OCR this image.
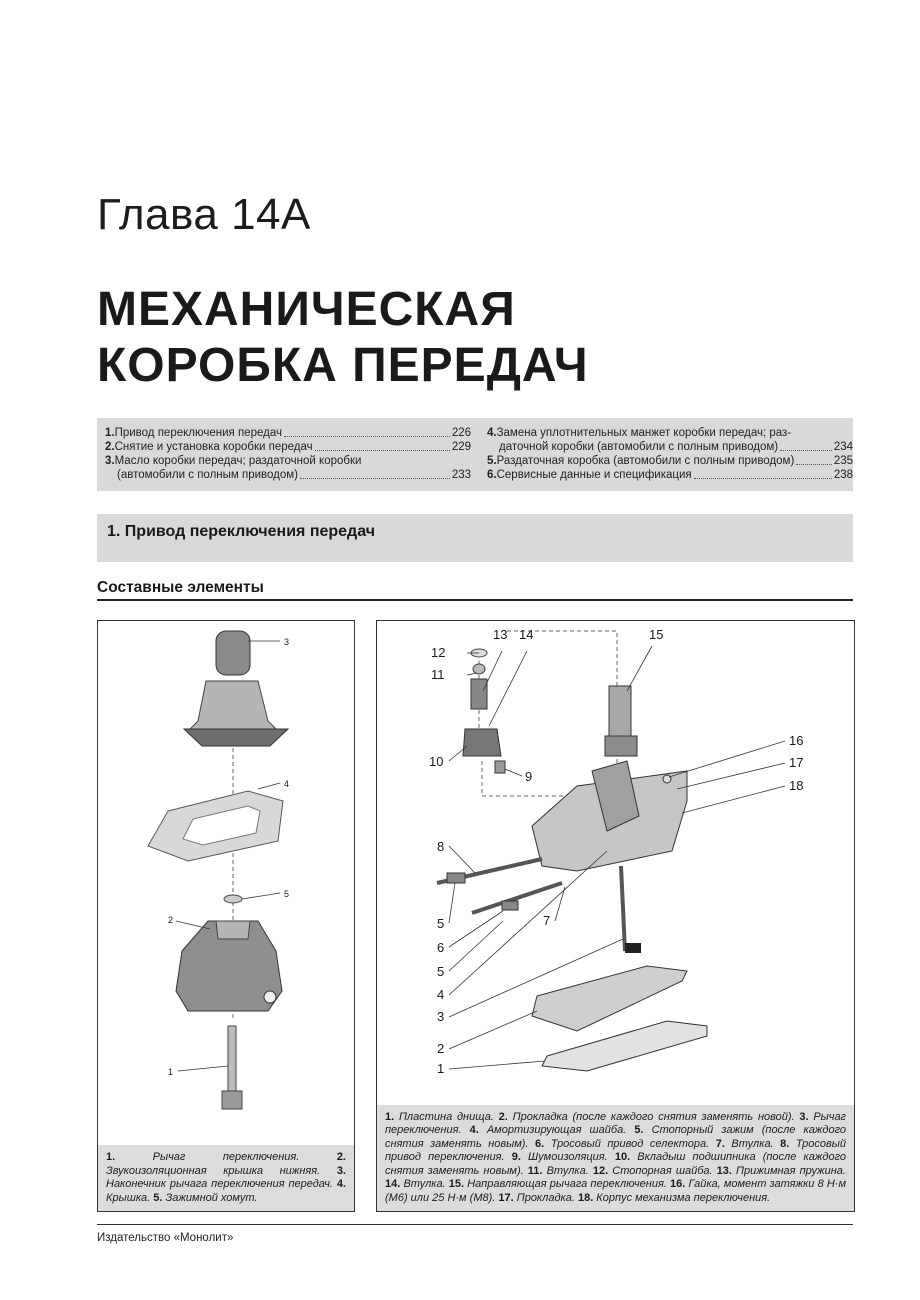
Глава 14А
МЕХАНИЧЕСКАЯ
КОРОБКА ПЕРЕДАЧ
1.Привод переключения передач	226
2.Снятие и установка коробки передач	229
3.Масло коробки передач; раздаточной коробки
(автомобили с полным приводом)	233
4.Замена уплотнительных манжет коробки передач; раз-
даточной коробки (автомобили с полным приводом)	234
5.Раздаточная коробка (автомобили с полным приводом)	235
6.Сервисные данные и спецификация	238
1. Привод переключения передач
Составные элементы
3
4
5
2
1
1. Рычаг переключения. 2. Звукоизоляционная крышка нижняя. 3. Наконечник рычага переключения передач. 4. Крышка. 5. Зажимной хомут.
12
11
13 14	15
10
9
16
17
18
8
5
6
7
5
4
3
2
1
1. Пластина днища. 2. Прокладка (после каждого снятия заменять новой). 3. Рычаг переключения. 4. Амортизирующая шайба. 5. Стопорный зажим (после каждого снятия заменять новым). 6. Тросовый привод селектора. 7. Втулка. 8. Тросовый привод переключения. 9. Шумоизоляция. 10. Вкладыш подшипника (после каждого снятия заменять новым). 11. Втулка. 12. Стопорная шайба. 13. Прижимная пружина. 14. Втулка. 15. Направляющая рычага переключения. 16. Гайка, момент затяжки 8 Н·м (М6) или 25 Н·м (М8). 17. Прокладка. 18. Корпус механизма переключения.
Издательство «Монолит»
